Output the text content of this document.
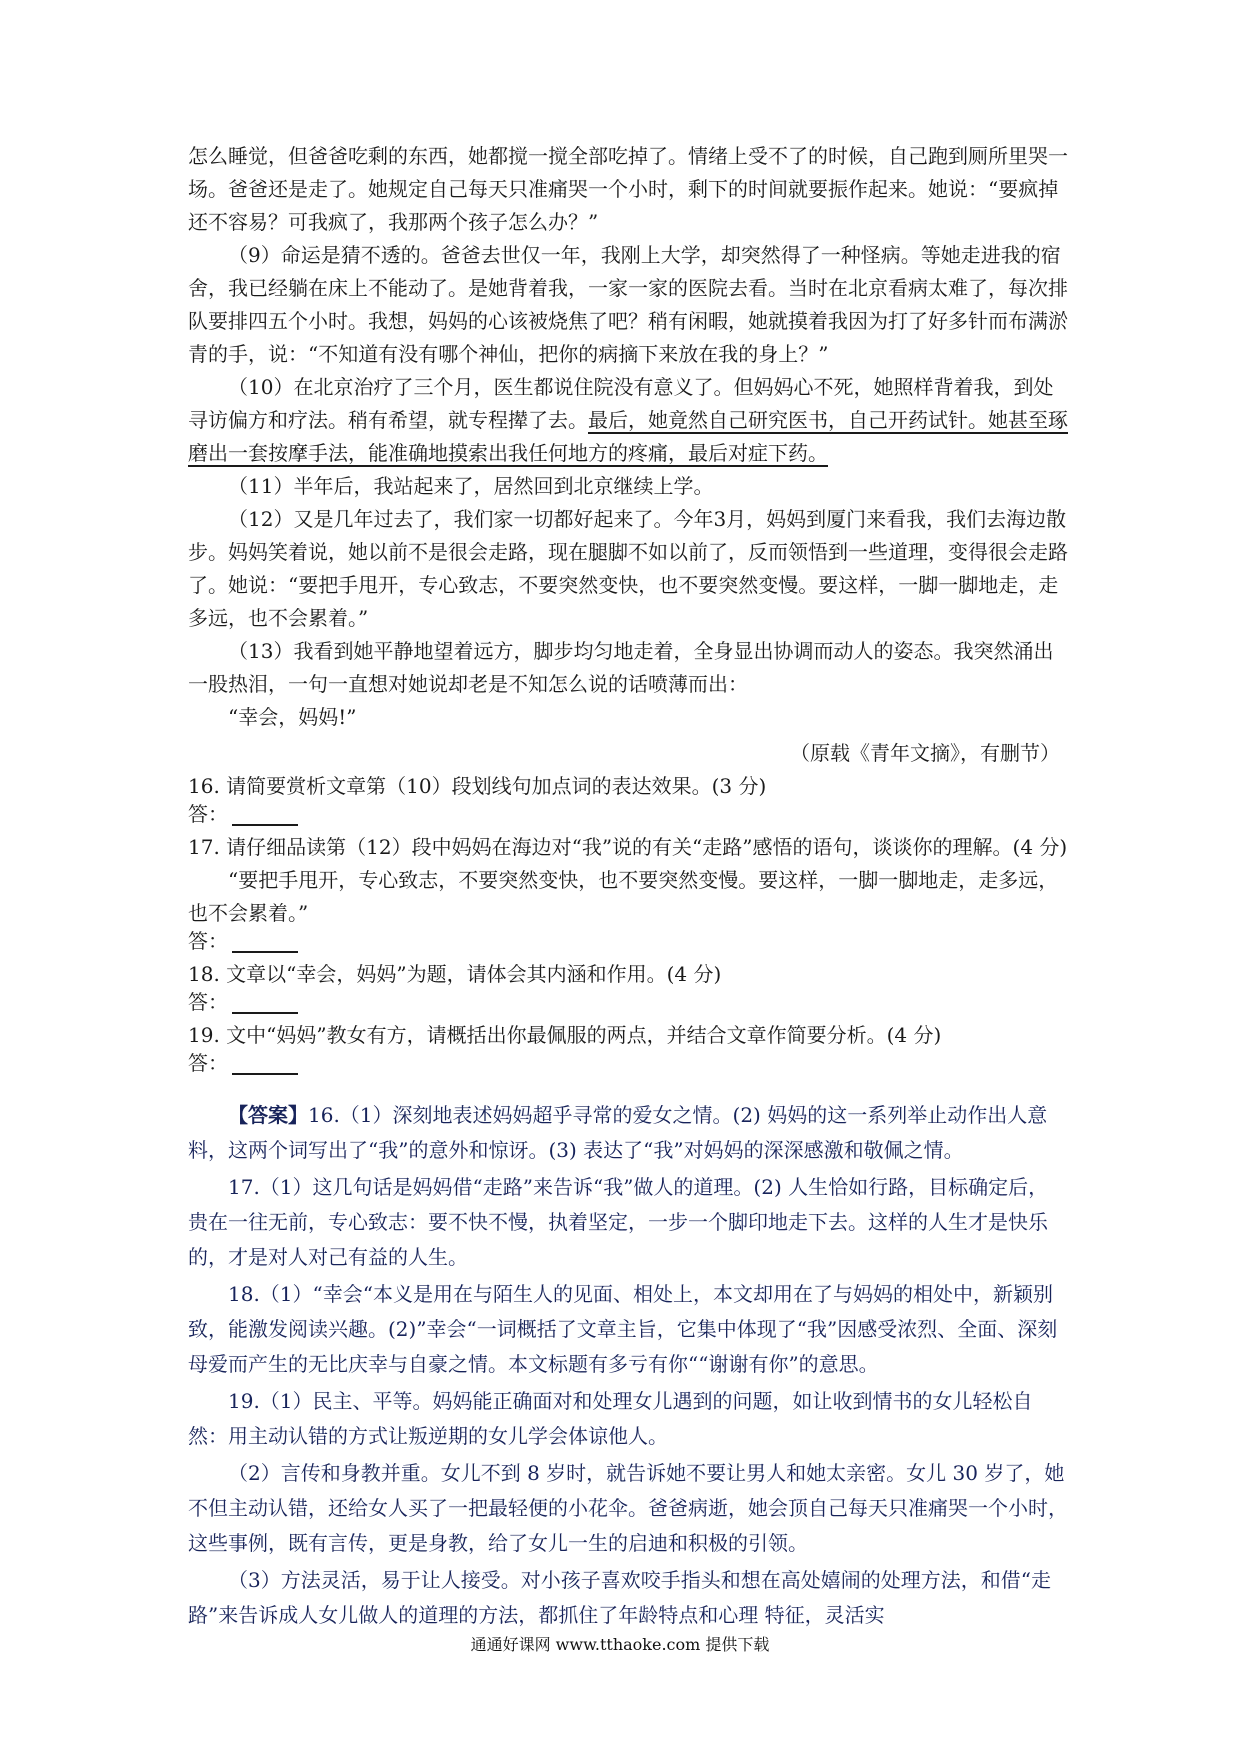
怎么睡觉，但爸爸吃剩的东西，她都搅一搅全部吃掉了。情绪上受不了的时候，自己跑到厕所里哭一场。爸爸还是走了。她规定自己每天只准痛哭一个小时，剩下的时间就要振作起来。她说：“要疯掉还不容易？可我疯了，我那两个孩子怎么办？”

（9）命运是猜不透的。爸爸去世仅一年，我刚上大学，却突然得了一种怪病。等她走进我的宿舍，我已经躺在床上不能动了。是她背着我，一家一家的医院去看。当时在北京看病太难了，每次排队要排四五个小时。我想，妈妈的心该被烧焦了吧？稍有闲暇，她就摸着我因为打了好多针而布满淤青的手，说：“不知道有没有哪个神仙，把你的病摘下来放在我的身上？”

（10）在北京治疗了三个月，医生都说住院没有意义了。但妈妈心不死，她照样背着我，到处寻访偏方和疗法。稍有希望，就专程撵了去。最后，她竟然自己研究医书，自己开药试针。她甚至琢磨出一套按摩手法，能准确地摸索出我任何地方的疼痛，最后对症下药。

（11）半年后，我站起来了，居然回到北京继续上学。

（12）又是几年过去了，我们家一切都好起来了。今年3月，妈妈到厦门来看我，我们去海边散步。妈妈笑着说，她以前不是很会走路，现在腿脚不如以前了，反而领悟到一些道理，变得很会走路了。她说：“要把手甩开，专心致志，不要突然变快，也不要突然变慢。要这样，一脚一脚地走，走多远，也不会累着。”

（13）我看到她平静地望着远方，脚步均匀地走着，全身显出协调而动人的姿态。我突然涌出一股热泪，一句一直想对她说却老是不知怎么说的话喷薄而出：

“幸会，妈妈!”

（原载《青年文摘》，有删节）

16. 请简要赏析文章第（10）段划线句加点词的表达效果。(3 分)

答：

17. 请仔细品读第（12）段中妈妈在海边对“我”说的有关“走路”感悟的语句，谈谈你的理解。(4 分)

“要把手甩开，专心致志，不要突然变快，也不要突然变慢。要这样，一脚一脚地走，走多远，也不会累着。”

答：

18. 文章以“幸会，妈妈”为题，请体会其内涵和作用。(4 分)

答：

19. 文中“妈妈”教女有方，请概括出你最佩服的两点，并结合文章作简要分析。(4 分)

答：

【答案】16.（1）深刻地表述妈妈超乎寻常的爱女之情。(2) 妈妈的这一系列举止动作出人意料，这两个词写出了“我”的意外和惊讶。(3) 表达了“我”对妈妈的深深感激和敬佩之情。

17.（1）这几句话是妈妈借“走路”来告诉“我”做人的道理。(2) 人生恰如行路，目标确定后，贵在一往无前，专心致志：要不快不慢，执着坚定，一步一个脚印地走下去。这样的人生才是快乐的，才是对人对己有益的人生。

18.（1）“幸会“本义是用在与陌生人的见面、相处上，本文却用在了与妈妈的相处中，新颖别致，能激发阅读兴趣。(2)”幸会“一词概括了文章主旨，它集中体现了“我”因感受浓烈、全面、深刻母爱而产生的无比庆幸与自豪之情。本文标题有多亏有你““谢谢有你”的意思。

19.（1）民主、平等。妈妈能正确面对和处理女儿遇到的问题，如让收到情书的女儿轻松自然：用主动认错的方式让叛逆期的女儿学会体谅他人。

（2）言传和身教并重。女儿不到 8 岁时，就告诉她不要让男人和她太亲密。女儿 30 岁了，她不但主动认错，还给女人买了一把最轻便的小花伞。爸爸病逝，她会顶自己每天只准痛哭一个小时，这些事例，既有言传，更是身教，给了女儿一生的启迪和积极的引领。

（3）方法灵活，易于让人接受。对小孩子喜欢咬手指头和想在高处嬉闹的处理方法，和借“走路”来告诉成人女儿做人的道理的方法，都抓住了年龄特点和心理 特征，灵活实

通通好课网 www.tthaoke.com 提供下载
